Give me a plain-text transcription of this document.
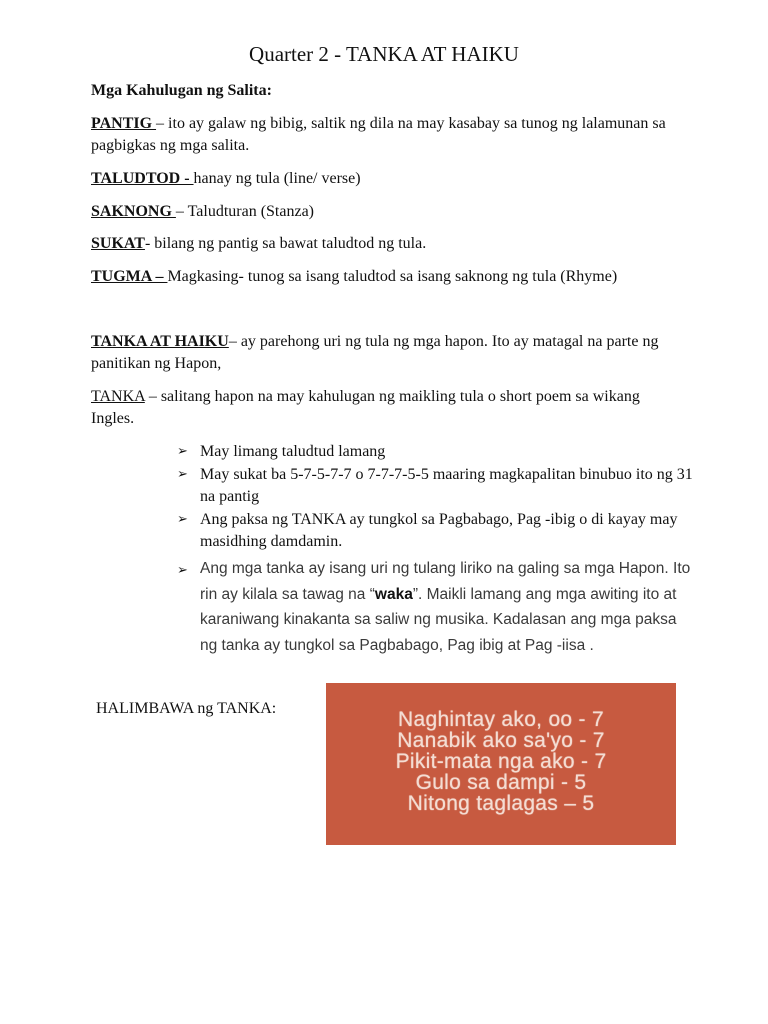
Quarter 2 - TANKA AT HAIKU
Mga Kahulugan ng Salita:
PANTIG – ito ay galaw ng bibig, saltik ng dila na may kasabay sa tunog ng lalamunan sa pagbigkas ng mga salita.
TALUDTOD - hanay ng tula (line/ verse)
SAKNONG – Taludturan (Stanza)
SUKAT- bilang ng pantig sa bawat taludtod ng tula.
TUGMA – Magkasing- tunog sa isang taludtod sa isang saknong ng tula (Rhyme)
TANKA AT HAIKU– ay parehong uri ng tula ng mga hapon. Ito ay matagal na parte ng panitikan ng Hapon,
TANKA – salitang hapon na may kahulugan ng maikling tula o short poem sa wikang Ingles.
➢ May limang taludtud lamang
➢ May sukat ba 5-7-5-7-7 o 7-7-7-5-5 maaring magkapalitan binubuo ito ng 31 na pantig
➢ Ang paksa ng TANKA ay tungkol sa Pagbabago, Pag -ibig o di kayay may masidhing damdamin.
➢ Ang mga tanka ay isang uri ng tulang liriko na galing sa mga Hapon. Ito rin ay kilala sa tawag na “waka”. Maikli lamang ang mga awiting ito at karaniwang kinakanta sa saliw ng musika. Kadalasan ang mga paksa ng tanka ay tungkol sa Pagbabago, Pag ibig at Pag -iisa .
HALIMBAWA ng TANKA:	Naghintay ako, oo - 7
Nanabik ako sa'yo - 7
Pikit-mata nga ako - 7
Gulo sa dampi - 5
Nitong taglagas – 5
